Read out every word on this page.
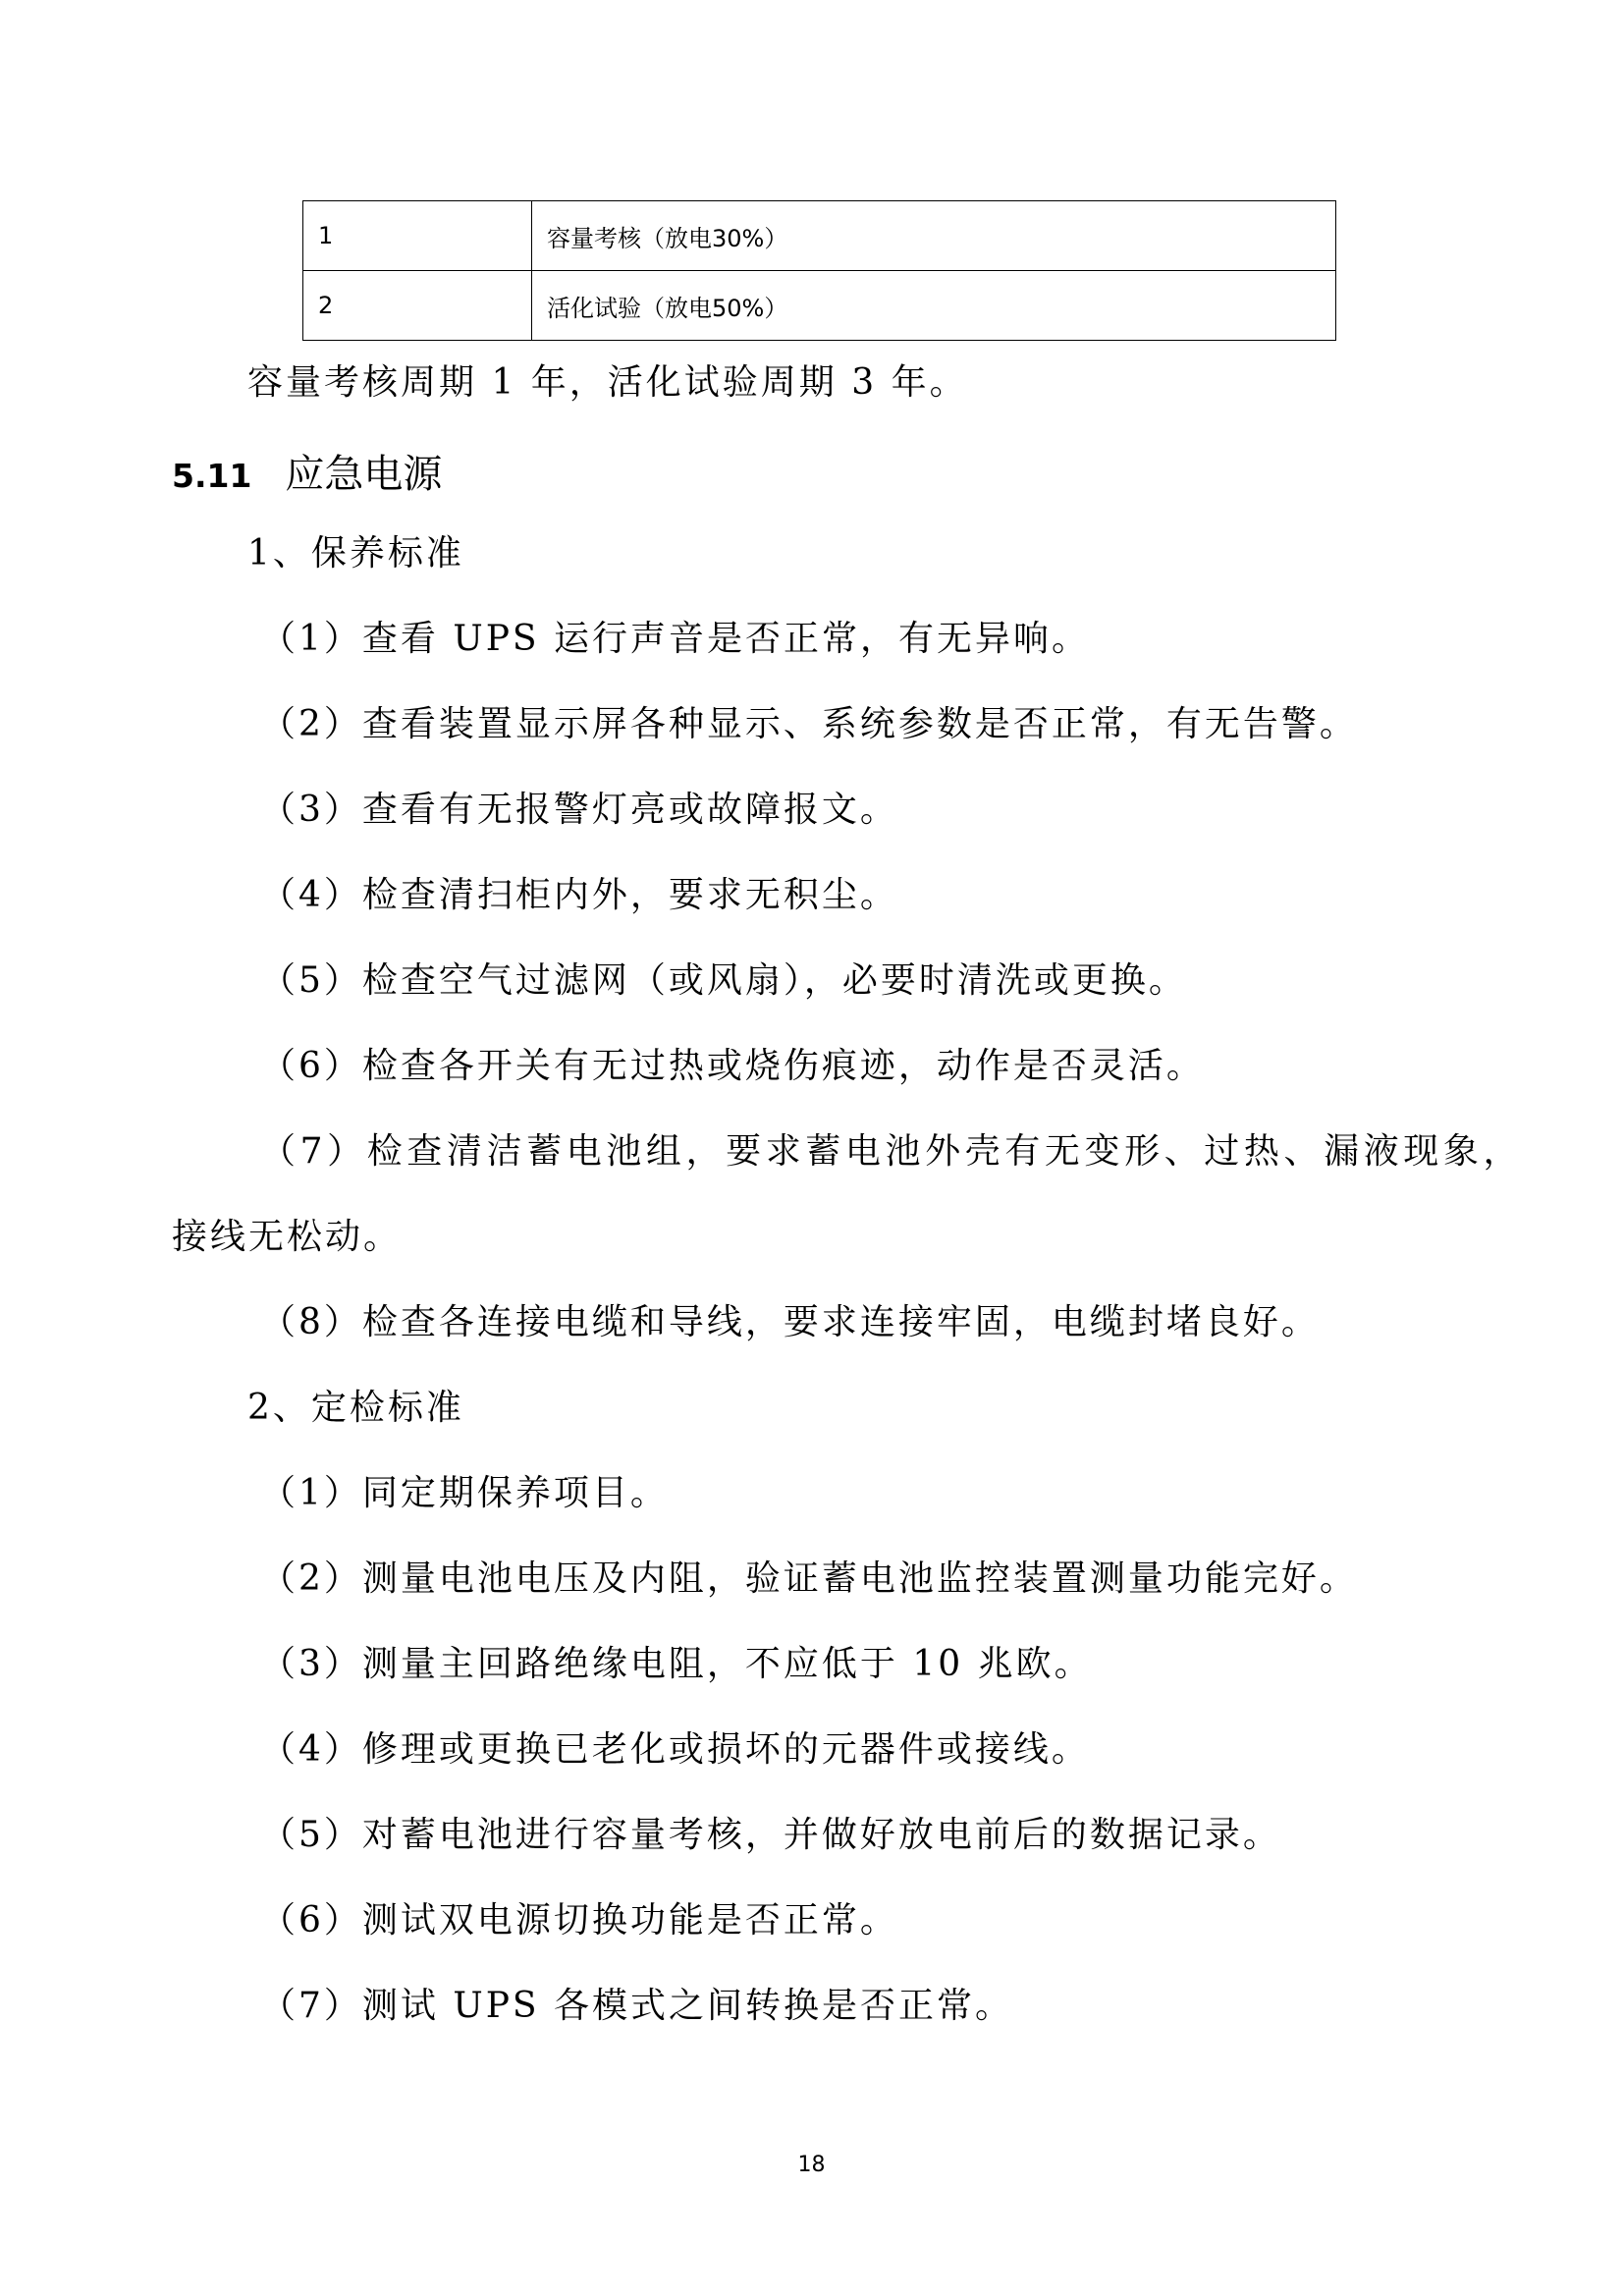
1	容量考核（放电30%）
2	活化试验（放电50%）
容量考核周期 1 年，活化试验周期 3 年。
5.11 应急电源
1、保养标准
（1）查看 UPS 运行声音是否正常，有无异响。
（2）查看装置显示屏各种显示、系统参数是否正常，有无告警。
（3）查看有无报警灯亮或故障报文。
（4）检查清扫柜内外，要求无积尘。
（5）检查空气过滤网（或风扇），必要时清洗或更换。
（6）检查各开关有无过热或烧伤痕迹，动作是否灵活。
（7）检查清洁蓄电池组，要求蓄电池外壳有无变形、过热、漏液现象，
接线无松动。
（8）检查各连接电缆和导线，要求连接牢固，电缆封堵良好。
2、定检标准
（1）同定期保养项目。
（2）测量电池电压及内阻，验证蓄电池监控装置测量功能完好。
（3）测量主回路绝缘电阻，不应低于 10 兆欧。
（4）修理或更换已老化或损坏的元器件或接线。
（5）对蓄电池进行容量考核，并做好放电前后的数据记录。
（6）测试双电源切换功能是否正常。
（7）测试 UPS 各模式之间转换是否正常。
18
